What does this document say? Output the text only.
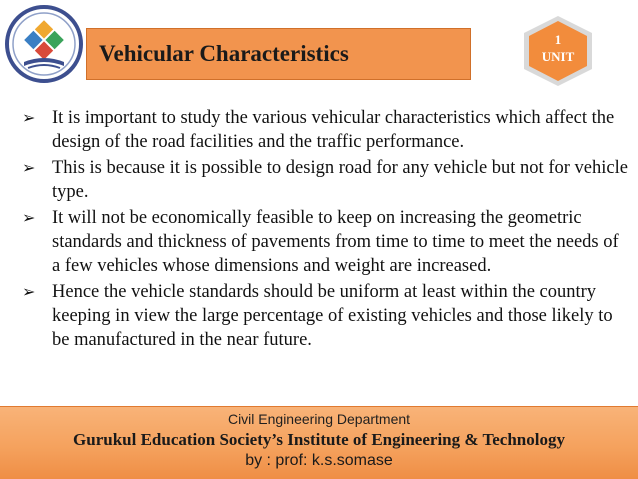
Vehicular Characteristics
1
UNIT
➢ It is important to study the various vehicular characteristics which affect the design of the road facilities and the traffic performance.
➢ This is because it is possible to design road for any vehicle but not for vehicle type.
➢ It will not be economically feasible to keep on increasing the geometric standards and thickness of pavements from time to time to meet the needs of a few vehicles whose dimensions and weight are increased.
➢ Hence the vehicle standards should be uniform at least within the country keeping in view the large percentage of existing vehicles and those likely to be manufactured in the near future.
Civil Engineering Department
Gurukul Education Society’s Institute of Engineering & Technology
by : prof: k.s.somase
